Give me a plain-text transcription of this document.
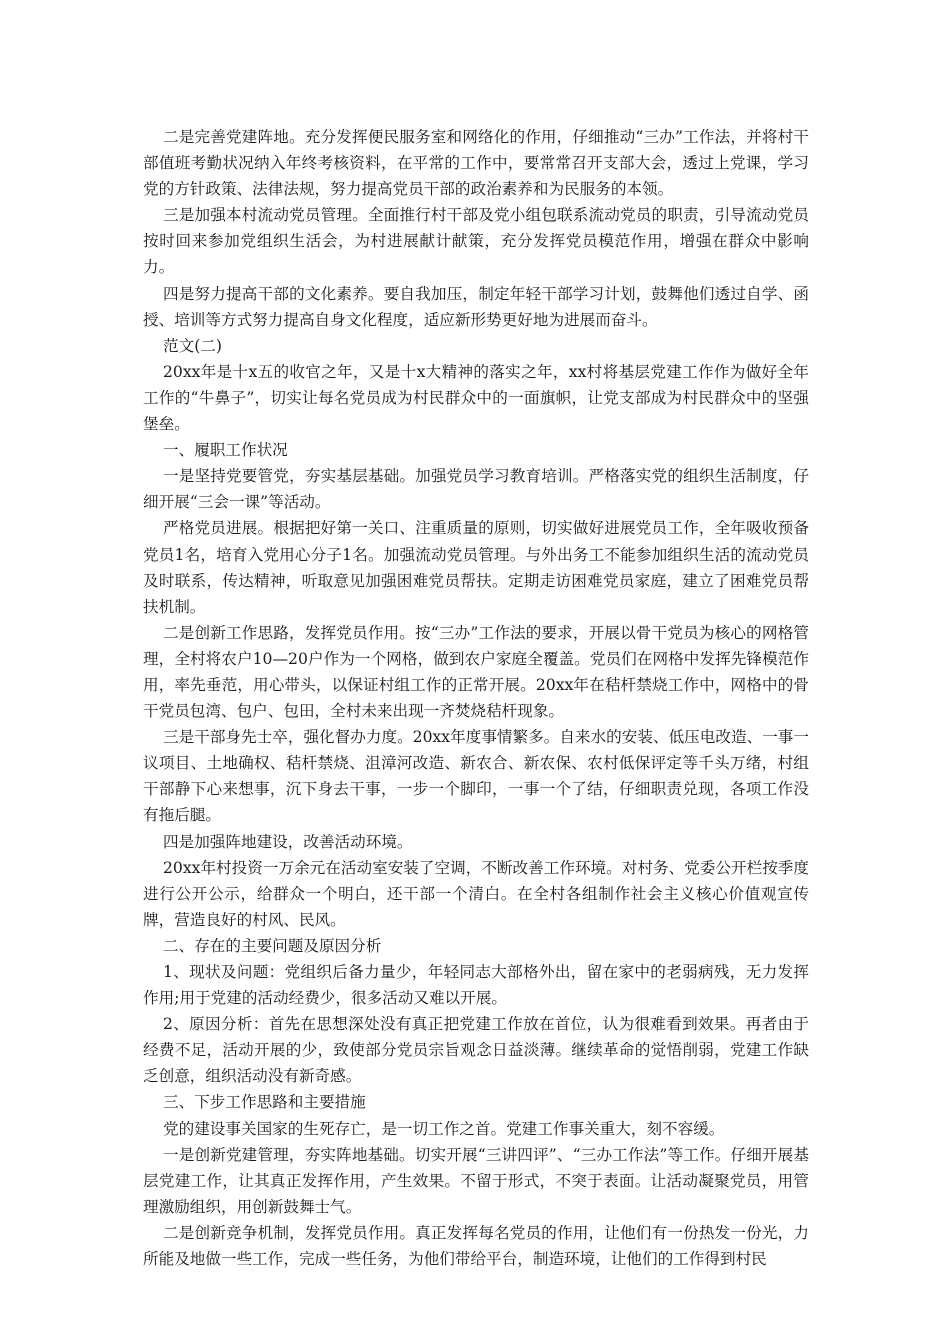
二是完善党建阵地。充分发挥便民服务室和网络化的作用，仔细推动“三办”工作法，并将村干部值班考勤状况纳入年终考核资料，在平常的工作中，要常常召开支部大会，透过上党课，学习党的方针政策、法律法规，努力提高党员干部的政治素养和为民服务的本领。

三是加强本村流动党员管理。全面推行村干部及党小组包联系流动党员的职责，引导流动党员按时回来参加党组织生活会，为村进展献计献策，充分发挥党员模范作用，增强在群众中影响力。

四是努力提高干部的文化素养。要自我加压，制定年轻干部学习计划，鼓舞他们透过自学、函授、培训等方式努力提高自身文化程度，适应新形势更好地为进展而奋斗。

范文(二)

20xx年是十x五的收官之年，又是十x大精神的落实之年，xx村将基层党建工作作为做好全年工作的“牛鼻子”，切实让每名党员成为村民群众中的一面旗帜，让党支部成为村民群众中的坚强堡垒。

一、履职工作状况

一是坚持党要管党，夯实基层基础。加强党员学习教育培训。严格落实党的组织生活制度，仔细开展“三会一课”等活动。

严格党员进展。根据把好第一关口、注重质量的原则，切实做好进展党员工作，全年吸收预备党员1名，培育入党用心分子1名。加强流动党员管理。与外出务工不能参加组织生活的流动党员及时联系，传达精神，听取意见加强困难党员帮扶。定期走访困难党员家庭，建立了困难党员帮扶机制。

二是创新工作思路，发挥党员作用。按“三办”工作法的要求，开展以骨干党员为核心的网格管理，全村将农户10—20户作为一个网格，做到农户家庭全覆盖。党员们在网格中发挥先锋模范作用，率先垂范，用心带头，以保证村组工作的正常开展。20xx年在秸杆禁烧工作中，网格中的骨干党员包湾、包户、包田，全村未来出现一齐焚烧秸杆现象。

三是干部身先士卒，强化督办力度。20xx年度事情繁多。自来水的安装、低压电改造、一事一议项目、土地确权、秸杆禁烧、沮漳河改造、新农合、新农保、农村低保评定等千头万绪，村组干部静下心来想事，沉下身去干事，一步一个脚印，一事一个了结，仔细职责兑现，各项工作没有拖后腿。

四是加强阵地建设，改善活动环境。

20xx年村投资一万余元在活动室安装了空调，不断改善工作环境。对村务、党委公开栏按季度进行公开公示，给群众一个明白，还干部一个清白。在全村各组制作社会主义核心价值观宣传牌，营造良好的村风、民风。

二、存在的主要问题及原因分析

1、现状及问题：党组织后备力量少，年轻同志大部格外出，留在家中的老弱病残，无力发挥作用;用于党建的活动经费少，很多活动又难以开展。

2、原因分析：首先在思想深处没有真正把党建工作放在首位，认为很难看到效果。再者由于经费不足，活动开展的少，致使部分党员宗旨观念日益淡薄。继续革命的觉悟削弱，党建工作缺乏创意，组织活动没有新奇感。

三、下步工作思路和主要措施

党的建设事关国家的生死存亡，是一切工作之首。党建工作事关重大，刻不容缓。

一是创新党建管理，夯实阵地基础。切实开展“三讲四评”、“三办工作法”等工作。仔细开展基层党建工作，让其真正发挥作用，产生效果。不留于形式，不突于表面。让活动凝聚党员，用管理激励组织，用创新鼓舞士气。

二是创新竞争机制，发挥党员作用。真正发挥每名党员的作用，让他们有一份热发一份光，力所能及地做一些工作，完成一些任务，为他们带给平台，制造环境，让他们的工作得到村民
